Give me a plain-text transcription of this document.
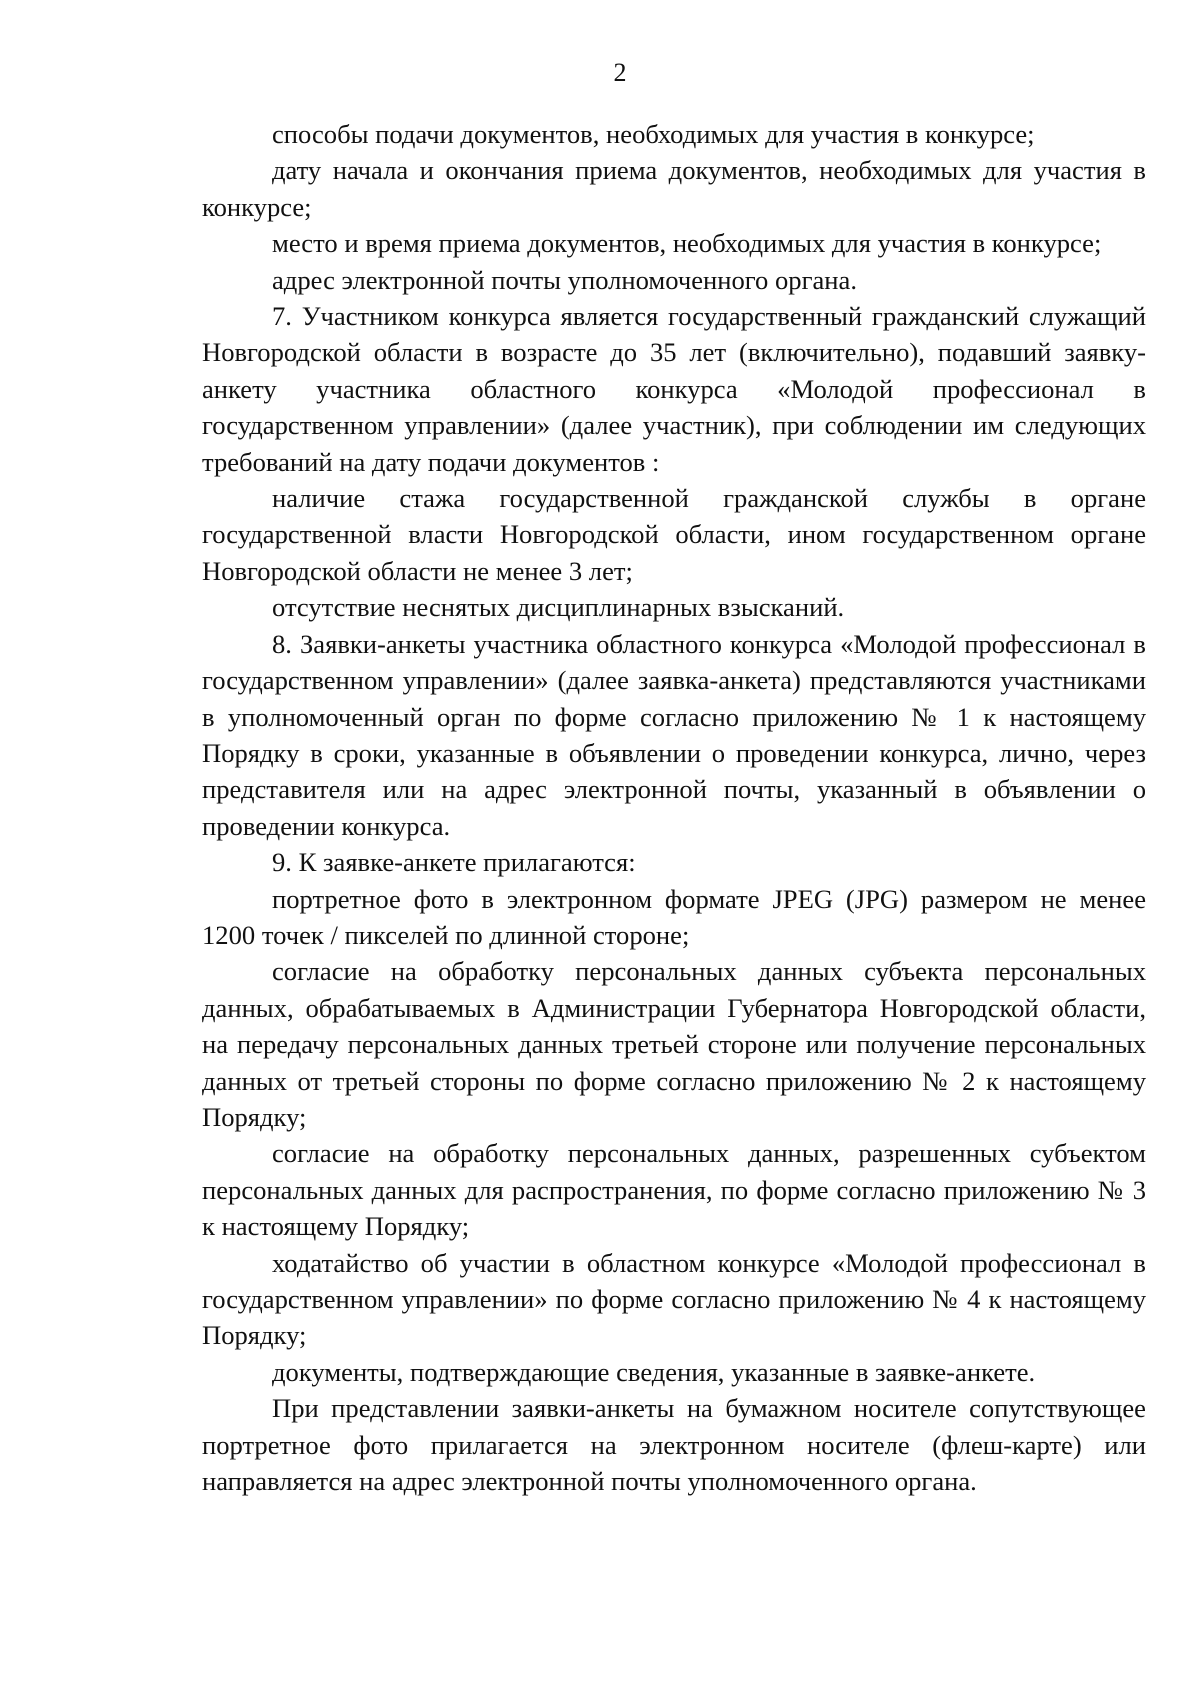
2

способы подачи документов, необходимых для участия в конкурсе;

дату начала и окончания приема документов, необходимых для участия в конкурсе;

место и время приема документов, необходимых для участия в конкурсе;

адрес электронной почты уполномоченного органа.

7. Участником конкурса является государственный гражданский служащий Новгородской области в возрасте до 35 лет (включительно), подавший заявку-анкету участника областного конкурса «Молодой профессионал в государственном управлении» (далее участник), при соблюдении им следующих требований на дату подачи документов :

наличие стажа государственной гражданской службы в органе государственной власти Новгородской области, ином государственном органе Новгородской области не менее 3 лет;

отсутствие неснятых дисциплинарных взысканий.

8. Заявки-анкеты участника областного конкурса «Молодой профессионал в государственном управлении» (далее заявка-анкета) представляются участниками в уполномоченный орган по форме согласно приложению № 1 к настоящему Порядку в сроки, указанные в объявлении о проведении конкурса, лично, через представителя или на адрес электронной почты, указанный в объявлении о проведении конкурса.

9. К заявке-анкете прилагаются:

портретное фото в электронном формате JPEG (JPG) размером не менее 1200 точек / пикселей по длинной стороне;

согласие на обработку персональных данных субъекта персональных данных, обрабатываемых в Администрации Губернатора Новгородской области, на передачу персональных данных третьей стороне или получение персональных данных от третьей стороны по форме согласно приложению № 2 к настоящему Порядку;

согласие на обработку персональных данных, разрешенных субъектом персональных данных для распространения, по форме согласно приложению № 3 к настоящему Порядку;

ходатайство об участии в областном конкурсе «Молодой профессионал в государственном управлении» по форме согласно приложению № 4 к настоящему Порядку;

документы, подтверждающие сведения, указанные в заявке-анкете.

При представлении заявки-анкеты на бумажном носителе сопутствующее портретное фото прилагается на электронном носителе (флеш-карте) или направляется на адрес электронной почты уполномоченного органа.
